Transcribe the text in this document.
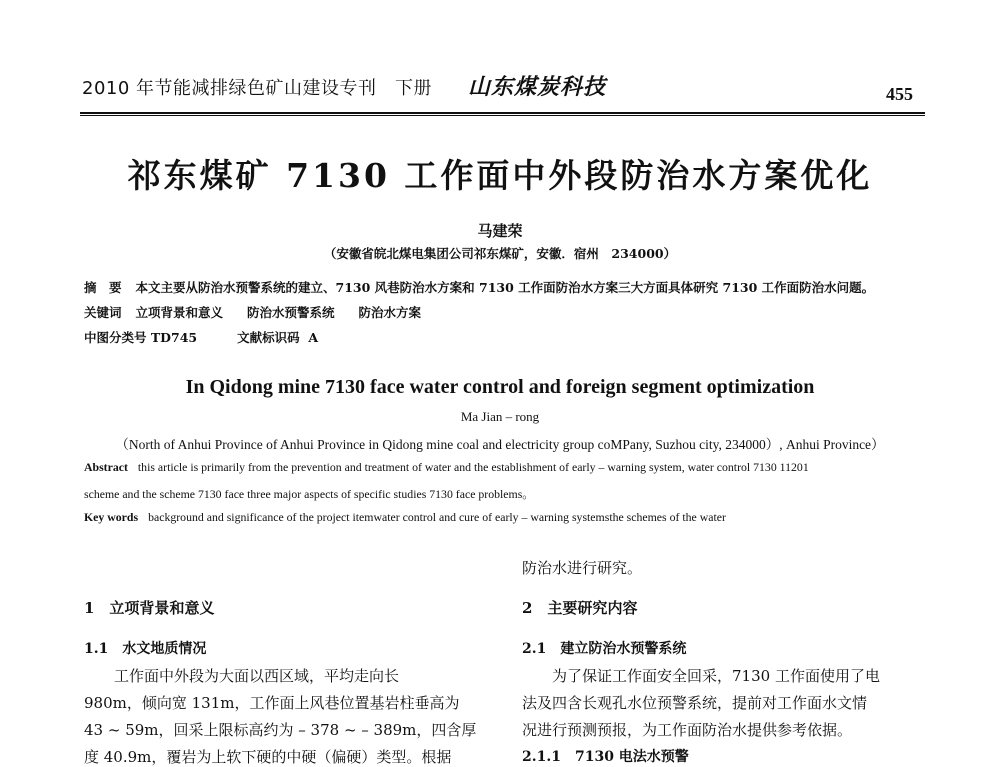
2010 年节能减排绿色矿山建设专刊　下册 山东煤炭科技	455
祁东煤矿 7130 工作面中外段防治水方案优化
马建荣
（安徽省皖北煤电集团公司祁东煤矿，安徽．宿州　234000）
摘　要 本文主要从防治水预警系统的建立、7130 风巷防治水方案和 7130 工作面防治水方案三大方面具体研究 7130 工作面防治水问题。
关键词 立项背景和意义 防治水预警系统 防治水方案
中图分类号 TD745	文献标识码 A
In Qidong mine 7130 face water control and foreign segment optimization
Ma Jian – rong
（North of Anhui Province of Anhui Province in Qidong mine coal and electricity group coMPany, Suzhou city, 234000）, Anhui Province）
Abstract this article is primarily from the prevention and treatment of water and the establishment of early – warning system, water control 7130 11201
scheme and the scheme 7130 face three major aspects of specific studies 7130 face problems。
Key words background and significance of the project itemwater control and cure of early – warning systemsthe schemes of the water
1　立项背景和意义
1.1　水文地质情况
　　工作面中外段为大面以西区域，平均走向长
980m，倾向宽 131m，工作面上风巷位置基岩柱垂高为
43 ~ 59m，回采上限标高约为 – 378 ~ – 389m，四含厚
度 40.9m，覆岩为上软下硬的中硬（偏硬）类型。根据
防治水进行研究。
2　主要研究内容
2.1　建立防治水预警系统
　　为了保证工作面安全回采，7130 工作面使用了电
法及四含长观孔水位预警系统，提前对工作面水文情
况进行预测预报，为工作面防治水提供参考依据。
2.1.1　7130 电法水预警
